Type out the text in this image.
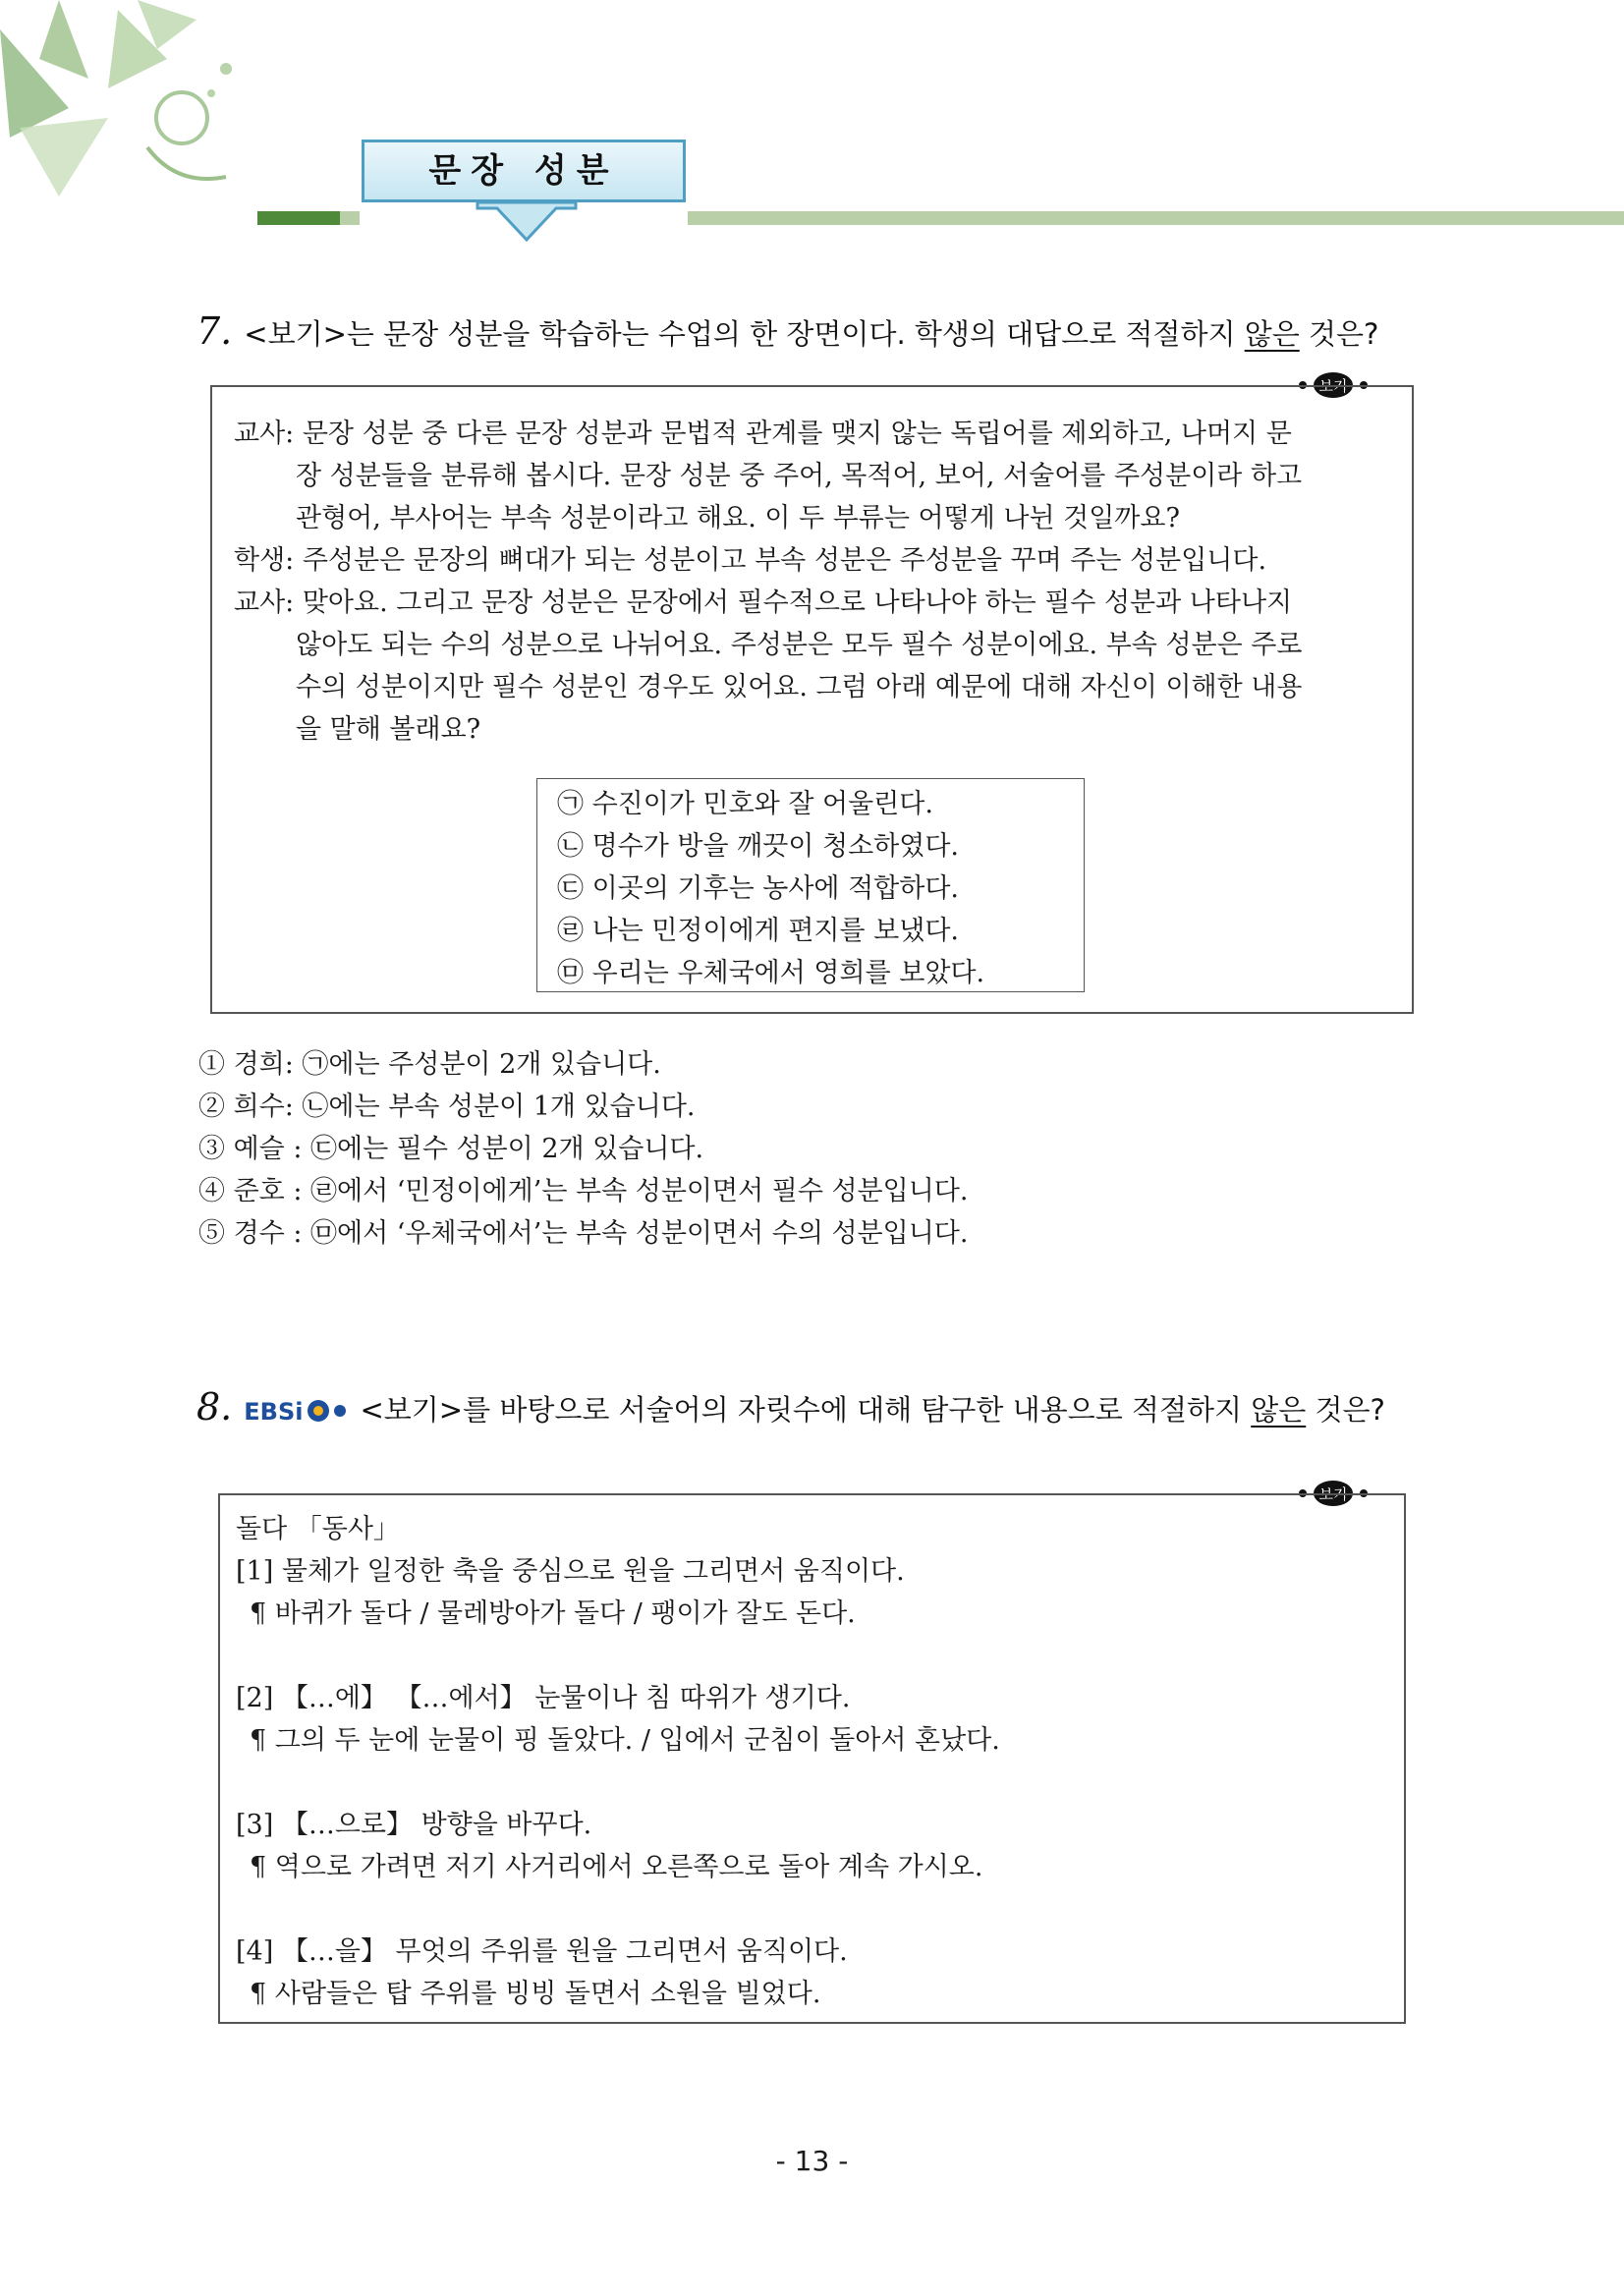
문장 성분
7. <보기>는 문장 성분을 학습하는 수업의 한 장면이다. 학생의 대답으로 적절하지 않은 것은?
보기
교사: 문장 성분 중 다른 문장 성분과 문법적 관계를 맺지 않는 독립어를 제외하고, 나머지 문
장 성분들을 분류해 봅시다. 문장 성분 중 주어, 목적어, 보어, 서술어를 주성분이라 하고
관형어, 부사어는 부속 성분이라고 해요. 이 두 부류는 어떻게 나뉜 것일까요?
학생: 주성분은 문장의 뼈대가 되는 성분이고 부속 성분은 주성분을 꾸며 주는 성분입니다.
교사: 맞아요. 그리고 문장 성분은 문장에서 필수적으로 나타나야 하는 필수 성분과 나타나지
않아도 되는 수의 성분으로 나뉘어요. 주성분은 모두 필수 성분이에요. 부속 성분은 주로
수의 성분이지만 필수 성분인 경우도 있어요. 그럼 아래 예문에 대해 자신이 이해한 내용
을 말해 볼래요?
㉠ 수진이가 민호와 잘 어울린다.
㉡ 명수가 방을 깨끗이 청소하였다.
㉢ 이곳의 기후는 농사에 적합하다.
㉣ 나는 민정이에게 편지를 보냈다.
㉤ 우리는 우체국에서 영희를 보았다.
① 경희: ㉠에는 주성분이 2개 있습니다.
② 희수: ㉡에는 부속 성분이 1개 있습니다.
③ 예슬 : ㉢에는 필수 성분이 2개 있습니다.
④ 준호 : ㉣에서 ‘민정이에게’는 부속 성분이면서 필수 성분입니다.
⑤ 경수 : ㉤에서 ‘우체국에서’는 부속 성분이면서 수의 성분입니다.
8. EBSi <보기>를 바탕으로 서술어의 자릿수에 대해 탐구한 내용으로 적절하지 않은 것은?
보기
돌다 「동사」
[1] 물체가 일정한 축을 중심으로 원을 그리면서 움직이다.
¶ 바퀴가 돌다 / 물레방아가 돌다 / 팽이가 잘도 돈다.
[2] 【…에】 【…에서】 눈물이나 침 따위가 생기다.
¶ 그의 두 눈에 눈물이 핑 돌았다. / 입에서 군침이 돌아서 혼났다.
[3] 【…으로】 방향을 바꾸다.
¶ 역으로 가려면 저기 사거리에서 오른쪽으로 돌아 계속 가시오.
[4] 【…을】 무엇의 주위를 원을 그리면서 움직이다.
¶ 사람들은 탑 주위를 빙빙 돌면서 소원을 빌었다.
- 13 -
